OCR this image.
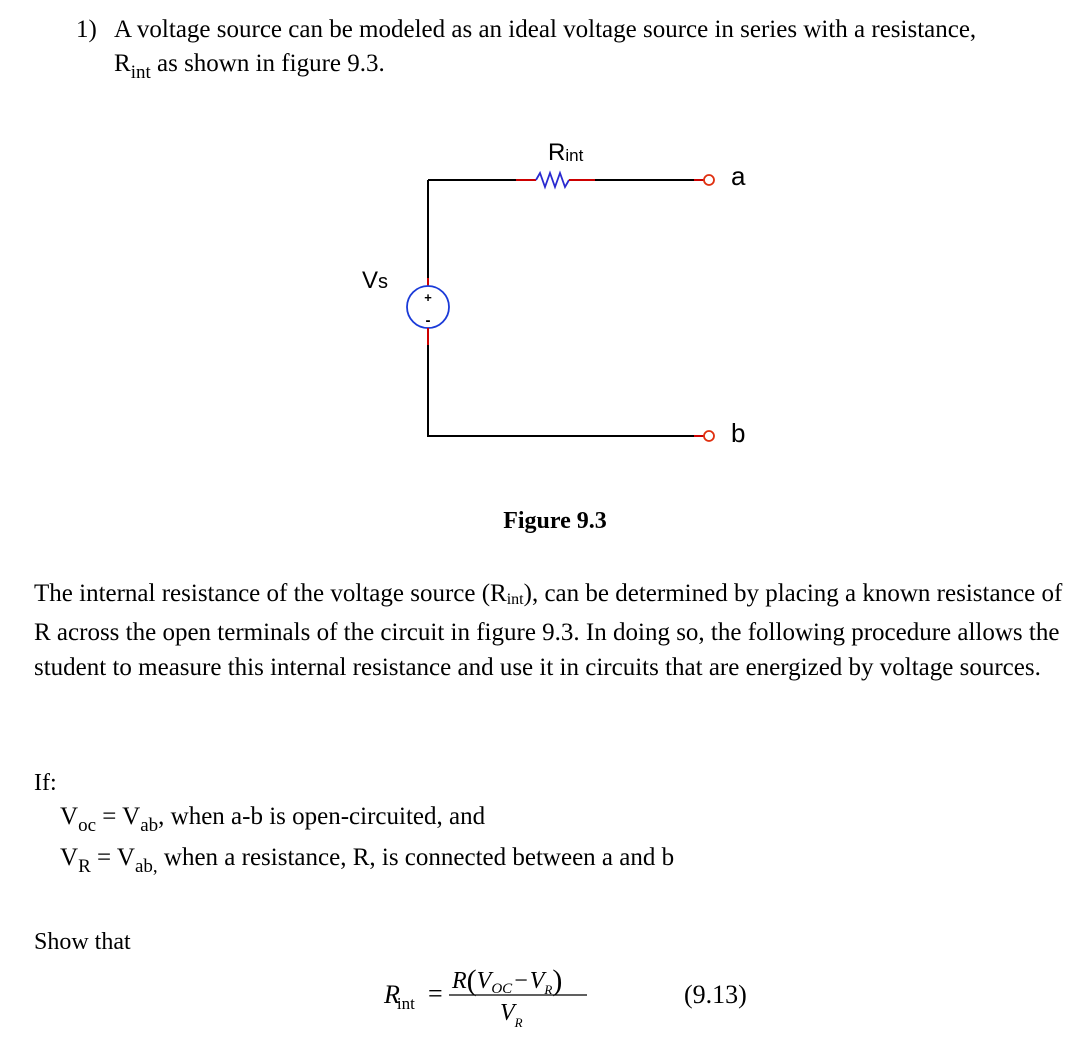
1) A voltage source can be modeled as an ideal voltage source in series with a resistance,
$R_{int}$ as shown in figure 9.3.
+
-
Rint
a
Vs
b
Figure 9.3
The internal resistance of the voltage source (Rint), can be determined by placing a known resistance of R across the open terminals of the circuit in figure 9.3. In doing so, the following procedure allows the student to measure this internal resistance and use it in circuits that are energized by voltage sources.
If:
$V_{oc} = V_{ab}$, when a-b is open-circuited, and
$V_R = V_{ab,}$ when a resistance, R, is connected between a and b
Show that
$R_{int} = R(V_{OC}-V_R)$
$V_R$
(9.13)
